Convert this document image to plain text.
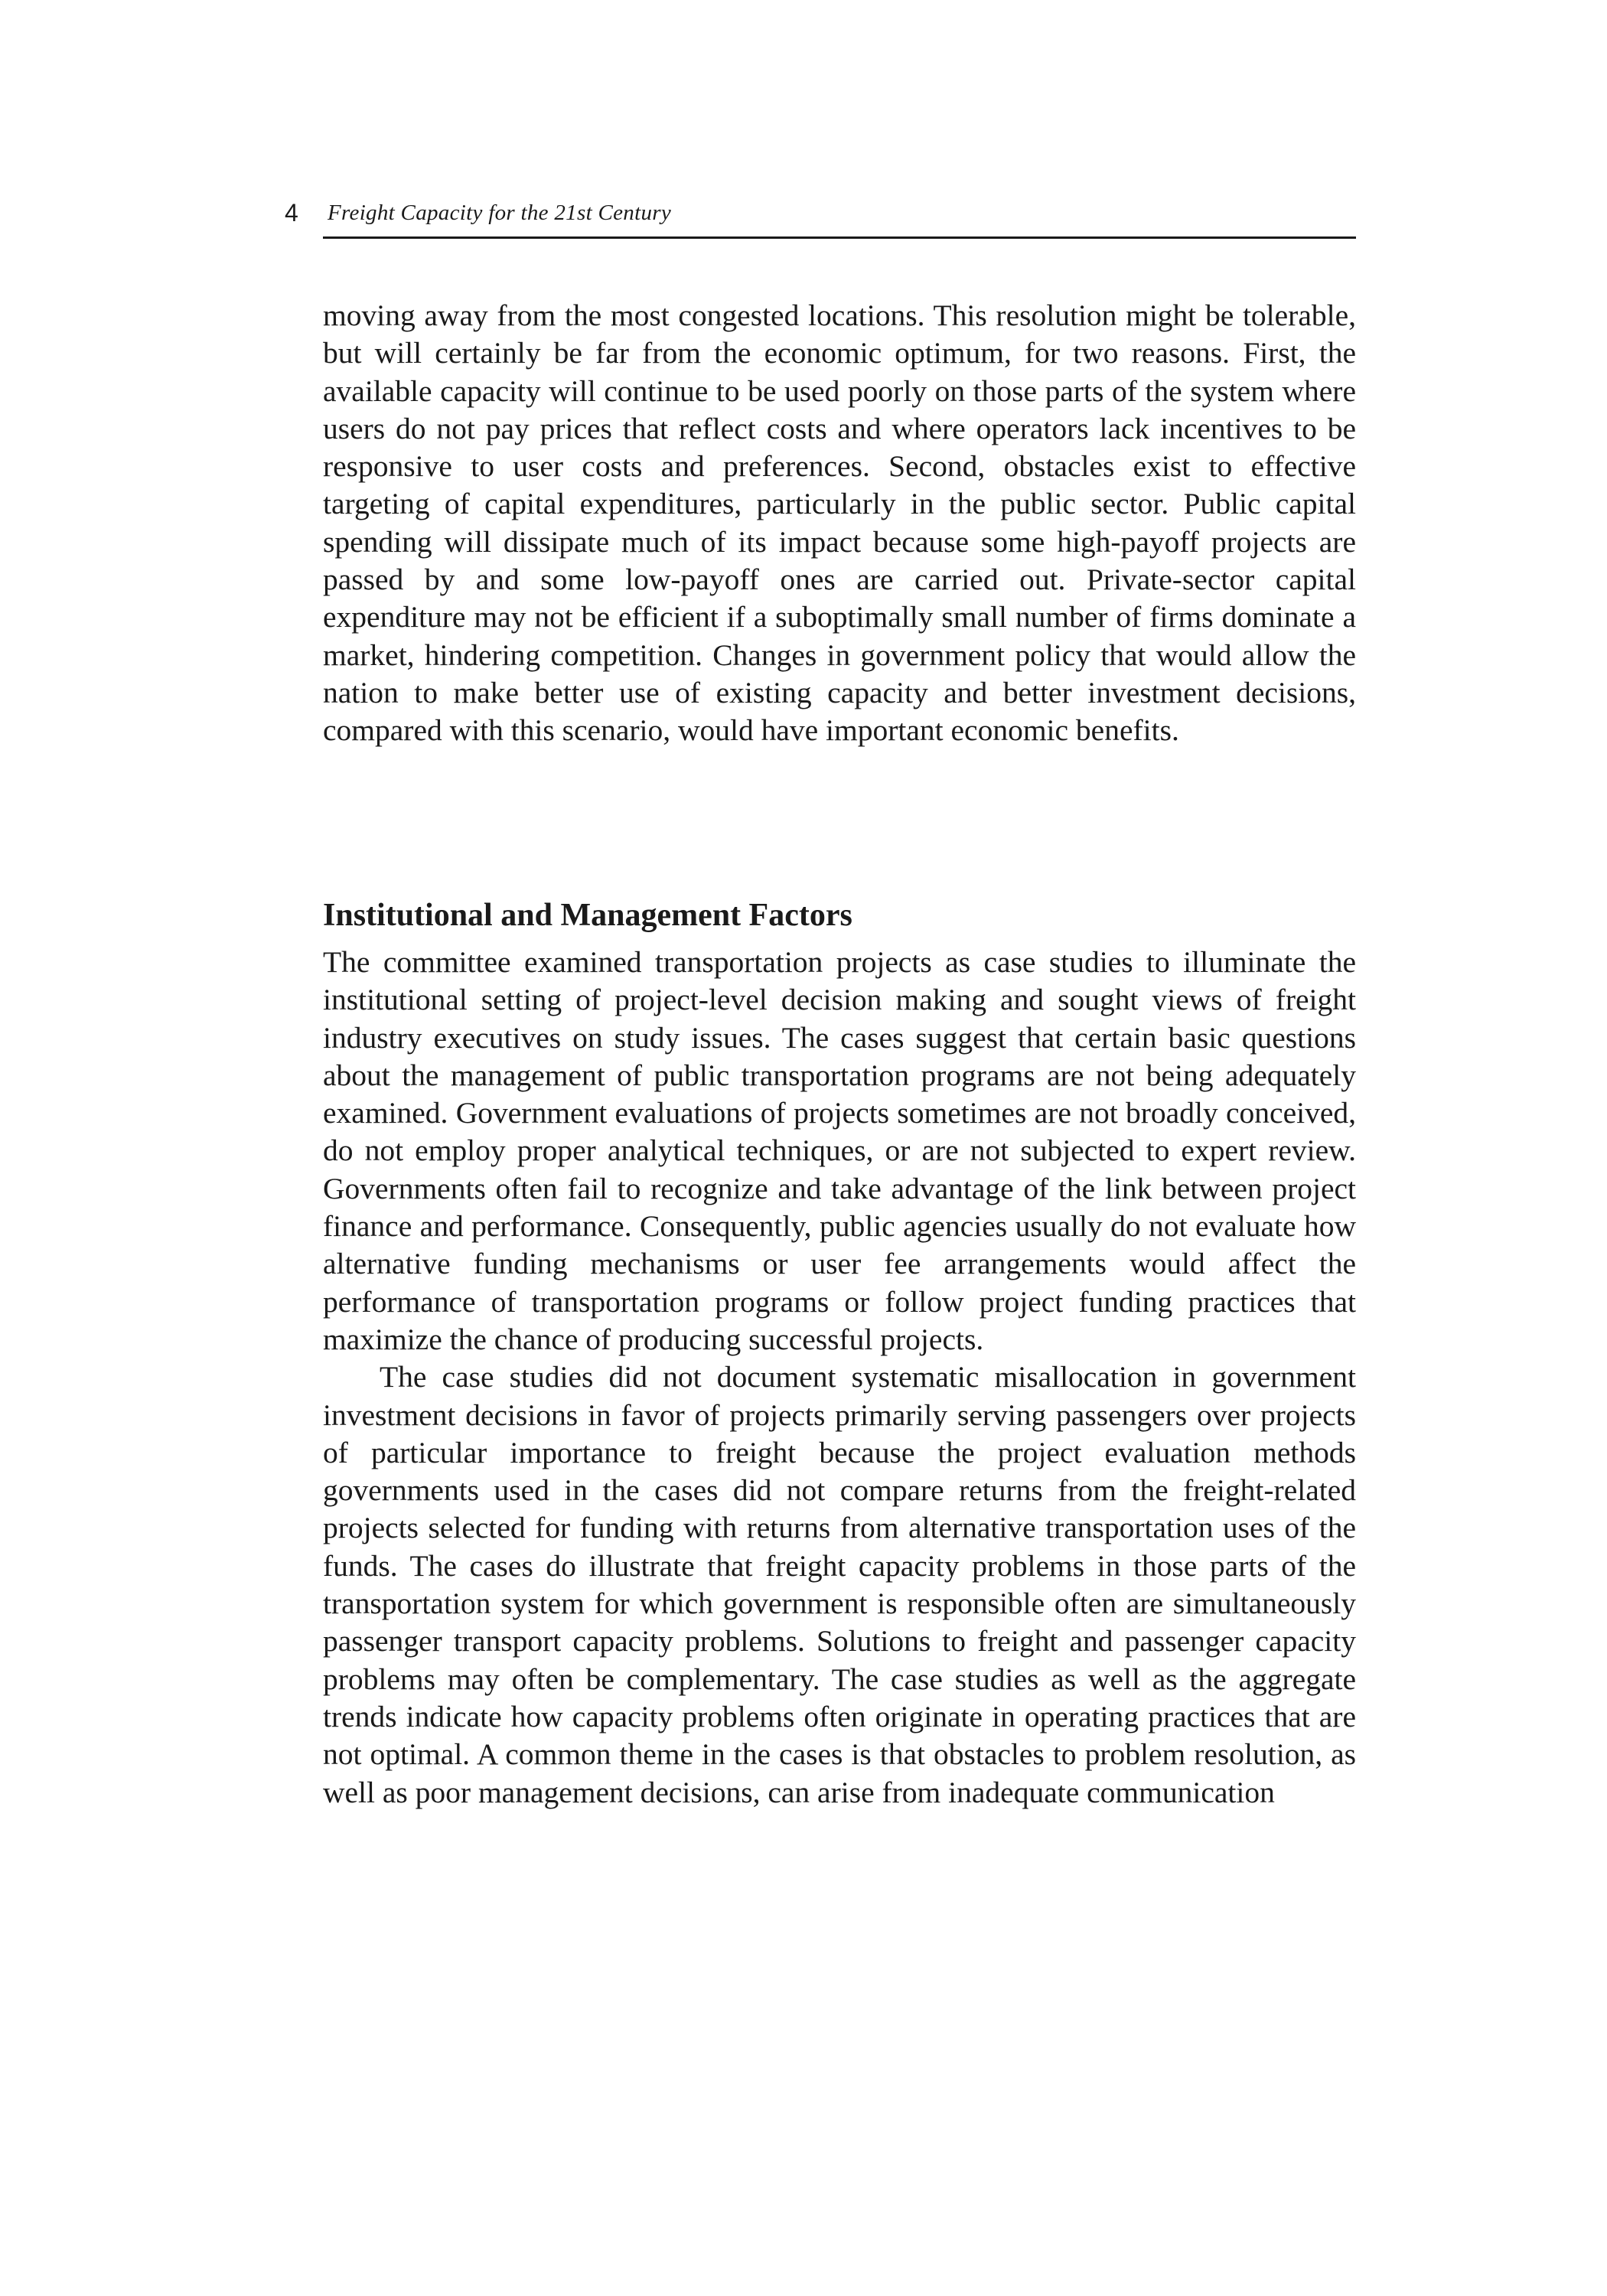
4 Freight Capacity for the 21st Century

moving away from the most congested locations. This resolution might be tolerable, but will certainly be far from the economic optimum, for two reasons. First, the available capacity will continue to be used poorly on those parts of the system where users do not pay prices that reflect costs and where operators lack incentives to be responsive to user costs and preferences. Second, obstacles exist to effective targeting of capital expenditures, particularly in the public sector. Public capital spending will dissipate much of its impact because some high-payoff projects are passed by and some low-payoff ones are carried out. Private-sector capital expenditure may not be efficient if a suboptimally small number of firms dominate a market, hindering competition. Changes in government policy that would allow the nation to make better use of existing capacity and better investment decisions, compared with this scenario, would have important economic benefits.

Institutional and Management Factors

The committee examined transportation projects as case studies to illuminate the institutional setting of project-level decision making and sought views of freight industry executives on study issues. The cases suggest that certain basic questions about the management of public transportation programs are not being adequately examined. Government evaluations of projects sometimes are not broadly conceived, do not employ proper analytical techniques, or are not subjected to expert review. Governments often fail to recognize and take advantage of the link between project finance and performance. Consequently, public agencies usually do not evaluate how alternative funding mechanisms or user fee arrangements would affect the performance of transportation programs or follow project funding practices that maximize the chance of producing successful projects.

The case studies did not document systematic misallocation in government investment decisions in favor of projects primarily serving passengers over projects of particular importance to freight because the project evaluation methods governments used in the cases did not compare returns from the freight-related projects selected for funding with returns from alternative transportation uses of the funds. The cases do illustrate that freight capacity problems in those parts of the transportation system for which government is responsible often are simultaneously passenger transport capacity problems. Solutions to freight and passenger capacity problems may often be complementary. The case studies as well as the aggregate trends indicate how capacity problems often originate in operating practices that are not optimal. A common theme in the cases is that obstacles to problem resolution, as well as poor management decisions, can arise from inadequate communication
